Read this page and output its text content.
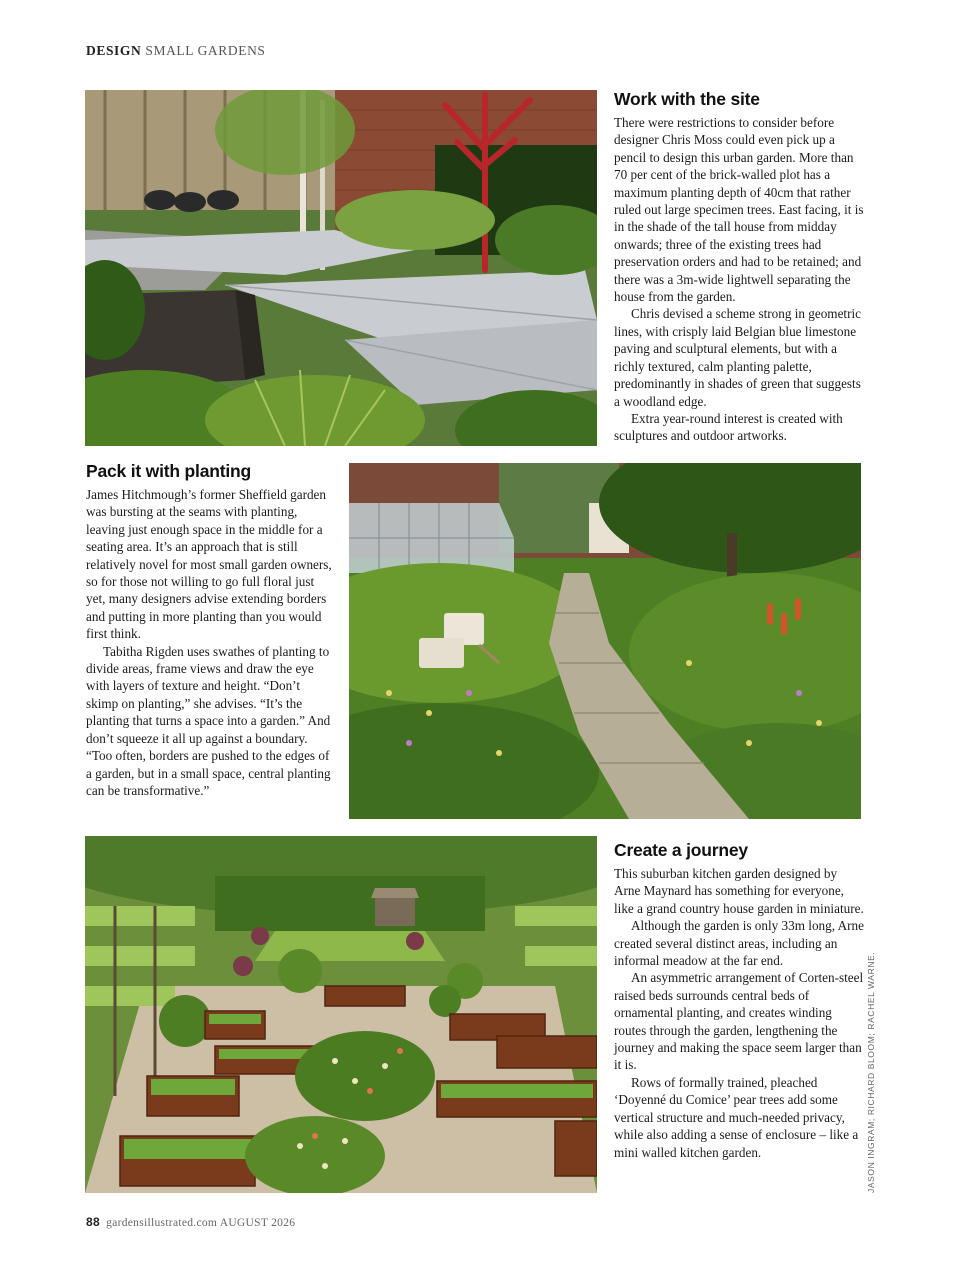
DESIGN SMALL GARDENS
Work with the site

There were restrictions to consider before designer Chris Moss could even pick up a pencil to design this urban garden. More than 70 per cent of the brick-walled plot has a maximum planting depth of 40cm that rather ruled out large specimen trees. East facing, it is in the shade of the tall house from midday onwards; three of the existing trees had preservation orders and had to be retained; and there was a 3m-wide lightwell separating the house from the garden.

Chris devised a scheme strong in geometric lines, with crisply laid Belgian blue limestone paving and sculptural elements, but with a richly textured, calm planting palette, predominantly in shades of green that suggests a woodland edge.

Extra year-round interest is created with sculptures and outdoor artworks.

Pack it with planting

James Hitchmough’s former Sheffield garden was bursting at the seams with planting, leaving just enough space in the middle for a seating area. It’s an approach that is still relatively novel for most small garden owners, so for those not willing to go full floral just yet, many designers advise extending borders and putting in more planting than you would first think.

Tabitha Rigden uses swathes of planting to divide areas, frame views and draw the eye with layers of texture and height. “Don’t skimp on planting,” she advises. “It’s the planting that turns a space into a garden.” And don’t squeeze it all up against a boundary. “Too often, borders are pushed to the edges of a garden, but in a small space, central planting can be transformative.”

Create a journey

This suburban kitchen garden designed by Arne Maynard has something for everyone, like a grand country house garden in miniature.

Although the garden is only 33m long, Arne created several distinct areas, including an informal meadow at the far end.

An asymmetric arrangement of Corten-steel raised beds surrounds central beds of ornamental planting, and creates winding routes through the garden, lengthening the journey and making the space seem larger than it is.

Rows of formally trained, pleached ‘Doyenné du Comice’ pear trees add some vertical structure and much-needed privacy, while also adding a sense of enclosure – like a mini walled kitchen garden.	JASON INGRAM; RICHARD BLOOM; RACHEL WARNE.
88 gardensillustrated.com AUGUST 2026
